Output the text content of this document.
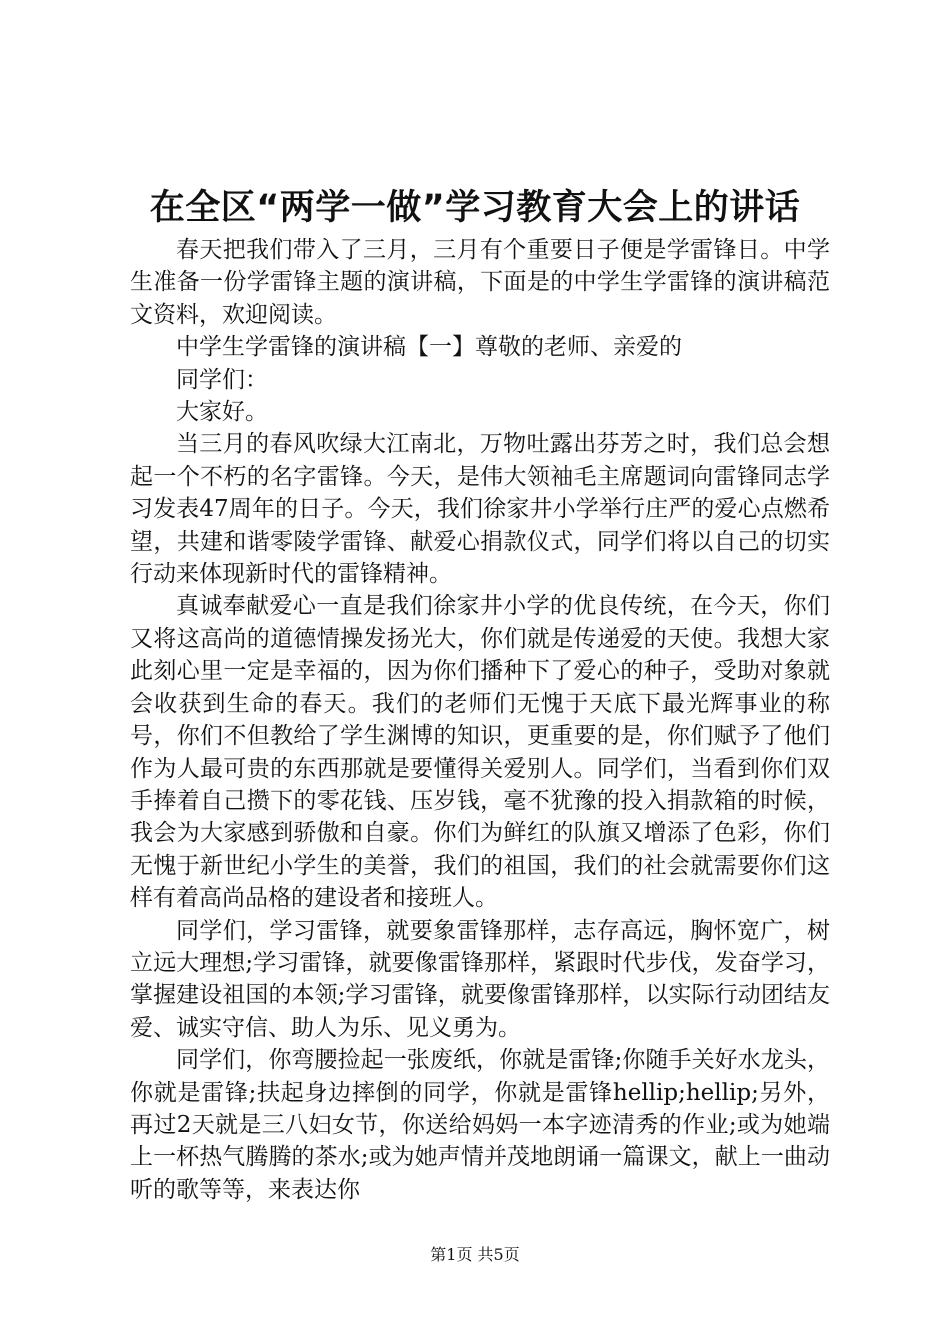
在全区“两学一做”学习教育大会上的讲话

春天把我们带入了三月，三月有个重要日子便是学雷锋日。中学生准备一份学雷锋主题的演讲稿，下面是的中学生学雷锋的演讲稿范文资料，欢迎阅读。

中学生学雷锋的演讲稿【一】尊敬的老师、亲爱的

同学们：

大家好。

当三月的春风吹绿大江南北，万物吐露出芬芳之时，我们总会想起一个不朽的名字雷锋。今天，是伟大领袖毛主席题词向雷锋同志学习发表47周年的日子。今天，我们徐家井小学举行庄严的爱心点燃希望，共建和谐零陵学雷锋、献爱心捐款仪式，同学们将以自己的切实行动来体现新时代的雷锋精神。

真诚奉献爱心一直是我们徐家井小学的优良传统，在今天，你们又将这高尚的道德情操发扬光大，你们就是传递爱的天使。我想大家此刻心里一定是幸福的，因为你们播种下了爱心的种子，受助对象就会收获到生命的春天。我们的老师们无愧于天底下最光辉事业的称号，你们不但教给了学生渊博的知识，更重要的是，你们赋予了他们作为人最可贵的东西那就是要懂得关爱别人。同学们，当看到你们双手捧着自己攒下的零花钱、压岁钱，毫不犹豫的投入捐款箱的时候，我会为大家感到骄傲和自豪。你们为鲜红的队旗又增添了色彩，你们无愧于新世纪小学生的美誉，我们的祖国，我们的社会就需要你们这样有着高尚品格的建设者和接班人。

同学们，学习雷锋，就要象雷锋那样，志存高远，胸怀宽广，树立远大理想;学习雷锋，就要像雷锋那样，紧跟时代步伐，发奋学习，掌握建设祖国的本领;学习雷锋，就要像雷锋那样，以实际行动团结友爱、诚实守信、助人为乐、见义勇为。

同学们，你弯腰捡起一张废纸，你就是雷锋;你随手关好水龙头，你就是雷锋;扶起身边摔倒的同学，你就是雷锋hellip;hellip;另外，再过2天就是三八妇女节，你送给妈妈一本字迹清秀的作业;或为她端上一杯热气腾腾的茶水;或为她声情并茂地朗诵一篇课文，献上一曲动听的歌等等，来表达你

第1页 共5页
